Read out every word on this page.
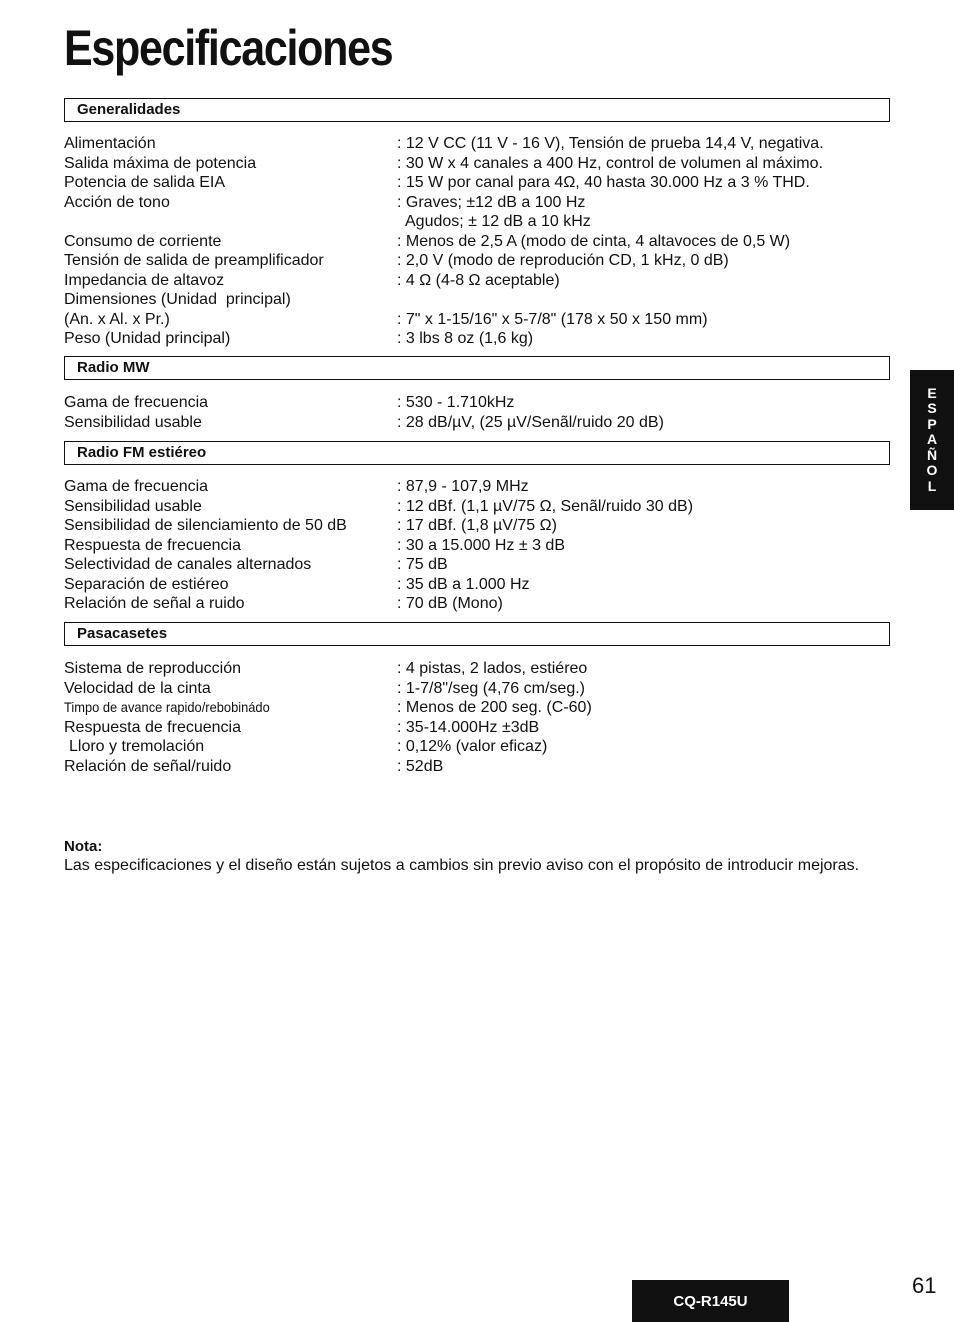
Especificaciones
Generalidades
Alimentación	: 12 V CC (11 V - 16 V), Tensión de prueba 14,4 V, negativa.
Salida máxima de potencia	: 30 W x 4 canales a 400 Hz, control de volumen al máximo.
Potencia de salida EIA	: 15 W por canal para 4Ω, 40 hasta 30.000 Hz a 3 % THD.
Acción de tono	: Graves; ±12 dB a 100 Hz
Agudos; ± 12 dB a 10 kHz
Consumo de corriente	: Menos de 2,5 A (modo de cinta, 4 altavoces de 0,5 W)
Tensión de salida de preamplificador	: 2,0 V (modo de reprodución CD, 1 kHz, 0 dB)
Impedancia de altavoz	: 4 Ω (4-8 Ω aceptable)
Dimensiones (Unidad  principal)
(An. x Al. x Pr.)	: 7" x 1-15/16" x 5-7/8" (178 x 50 x 150 mm)
Peso (Unidad principal)	: 3 lbs 8 oz (1,6 kg)
Radio MW
Gama de frecuencia	: 530 - 1.710kHz
Sensibilidad usable	: 28 dB/µV, (25 µV/Senãl/ruido 20 dB)
Radio FM estiéreo
Gama de frecuencia	: 87,9 - 107,9 MHz
Sensibilidad usable	: 12 dBf. (1,1 µV/75 Ω, Senãl/ruido 30 dB)
Sensibilidad de silenciamiento de 50 dB	: 17 dBf. (1,8 µV/75 Ω)
Respuesta de frecuencia	: 30 a 15.000 Hz ± 3 dB
Selectividad de canales alternados	: 75 dB
Separación de estiéreo	: 35 dB a 1.000 Hz
Relación de señal a ruido	: 70 dB (Mono)
Pasacasetes
Sistema de reproducción	: 4 pistas, 2 lados, estiéreo
Velocidad de la cinta	: 1-7/8"/seg (4,76 cm/seg.)
Timpo de avance rapido/rebobinádo	: Menos de 200 seg. (C-60)
Respuesta de frecuencia	: 35-14.000Hz ±3dB
Lloro y tremolación	: 0,12% (valor eficaz)
Relación de señal/ruido	: 52dB
Nota:
Las especificaciones y el diseño están sujetos a cambios sin previo aviso con el propósito de introducir mejoras.
E
S
P
A
Ñ
O
L
CQ-R145U
61
